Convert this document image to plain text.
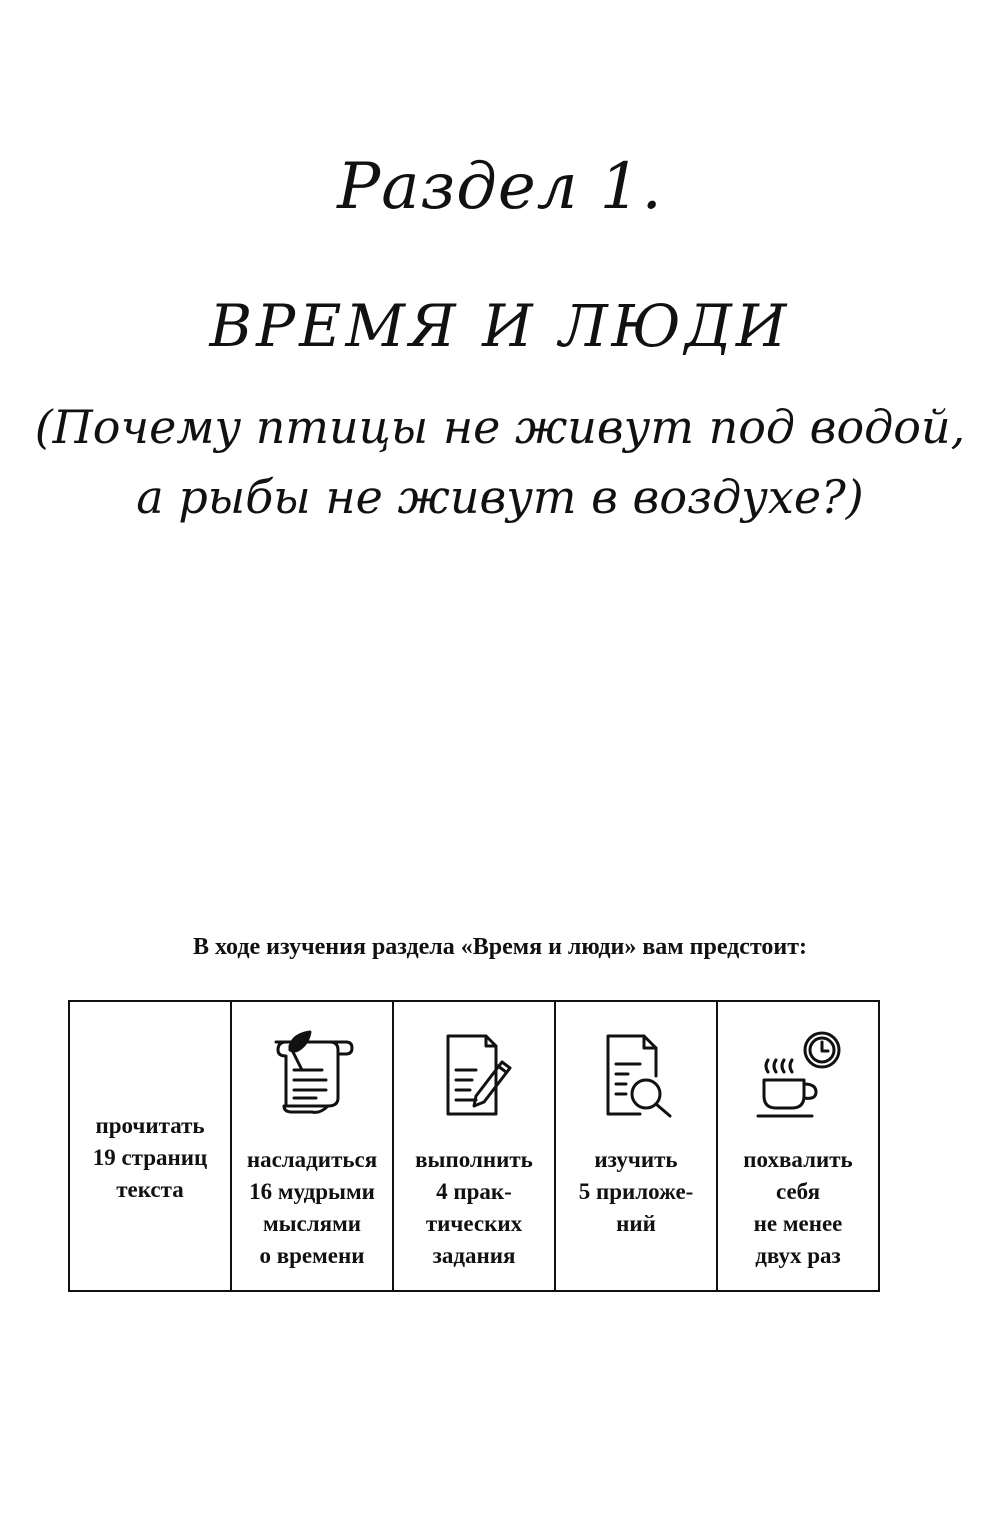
Раздел 1.
ВРЕМЯ И ЛЮДИ
(Почему птицы не живут под водой,
а рыбы не живут в воздухе?)
В ходе изучения раздела «Время и люди» вам предстоит:
прочитать
19 страниц
текста
насладиться
16 мудрыми
мыслями
о времени
выполнить
4 прак-
тических
задания
изучить
5 приложе-
ний
похвалить
себя
не менее
двух раз
